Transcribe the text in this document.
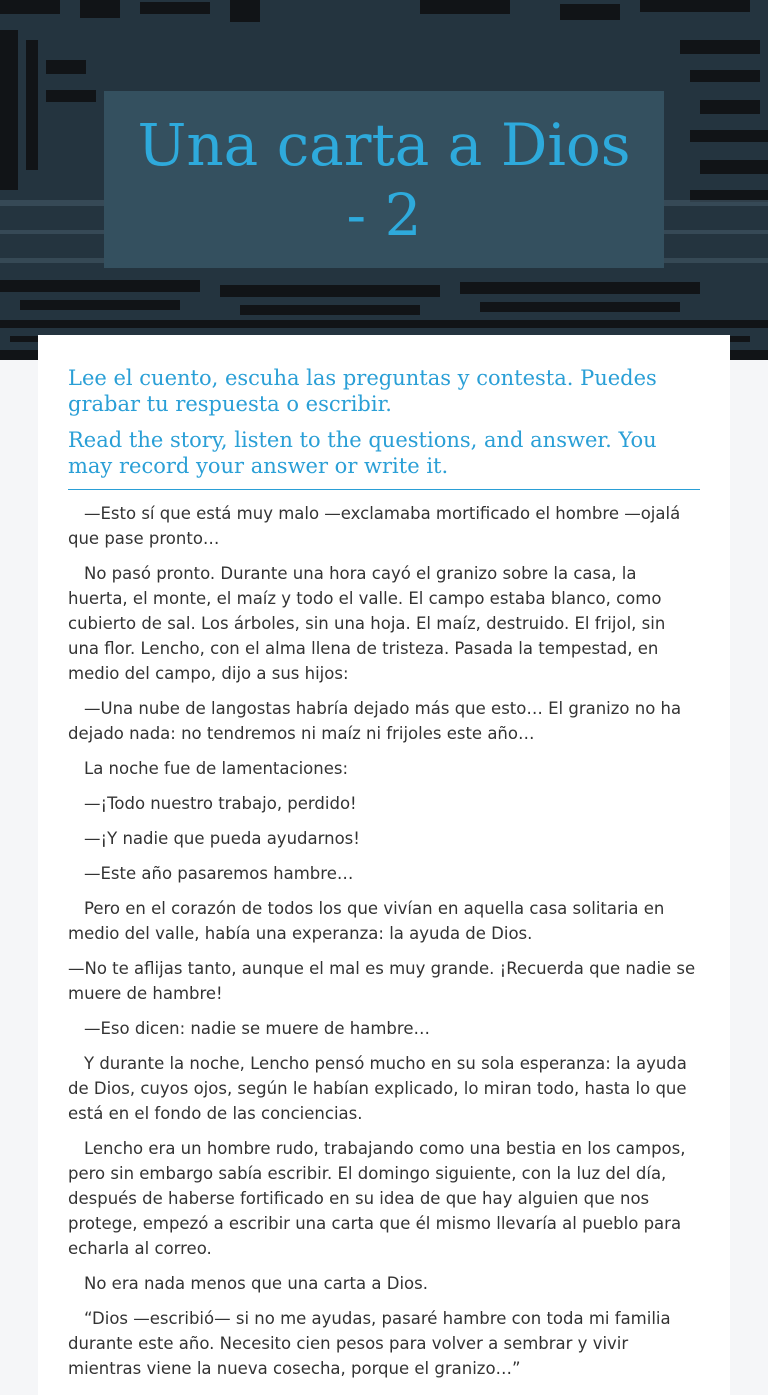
Una carta a Dios - 2

Lee el cuento, escuha las preguntas y contesta. Puedes grabar tu respuesta o escribir.

Read the story, listen to the questions, and answer. You may record your answer or write it.

—Esto sí que está muy malo —exclamaba mortificado el hombre —ojalá que pase pronto…

No pasó pronto. Durante una hora cayó el granizo sobre la casa, la huerta, el monte, el maíz y todo el valle. El campo estaba blanco, como cubierto de sal. Los árboles, sin una hoja. El maíz, destruido. El frijol, sin una flor. Lencho, con el alma llena de tristeza. Pasada la tempestad, en medio del campo, dijo a sus hijos:

—Una nube de langostas habría dejado más que esto… El granizo no ha dejado nada: no tendremos ni maíz ni frijoles este año…

La noche fue de lamentaciones:

—¡Todo nuestro trabajo, perdido!

—¡Y nadie que pueda ayudarnos!

—Este año pasaremos hambre…

Pero en el corazón de todos los que vivían en aquella casa solitaria en medio del valle, había una experanza: la ayuda de Dios.

—No te aflijas tanto, aunque el mal es muy grande. ¡Recuerda que nadie se muere de hambre!

—Eso dicen: nadie se muere de hambre…

Y durante la noche, Lencho pensó mucho en su sola esperanza: la ayuda de Dios, cuyos ojos, según le habían explicado, lo miran todo, hasta lo que está en el fondo de las conciencias.

Lencho era un hombre rudo, trabajando como una bestia en los campos, pero sin embargo sabía escribir. El domingo siguiente, con la luz del día, después de haberse fortificado en su idea de que hay alguien que nos protege, empezó a escribir una carta que él mismo llevaría al pueblo para echarla al correo.

No era nada menos que una carta a Dios.

“Dios —escribió— si no me ayudas, pasaré hambre con toda mi familia durante este año. Necesito cien pesos para volver a sembrar y vivir mientras viene la nueva cosecha, porque el granizo…”
